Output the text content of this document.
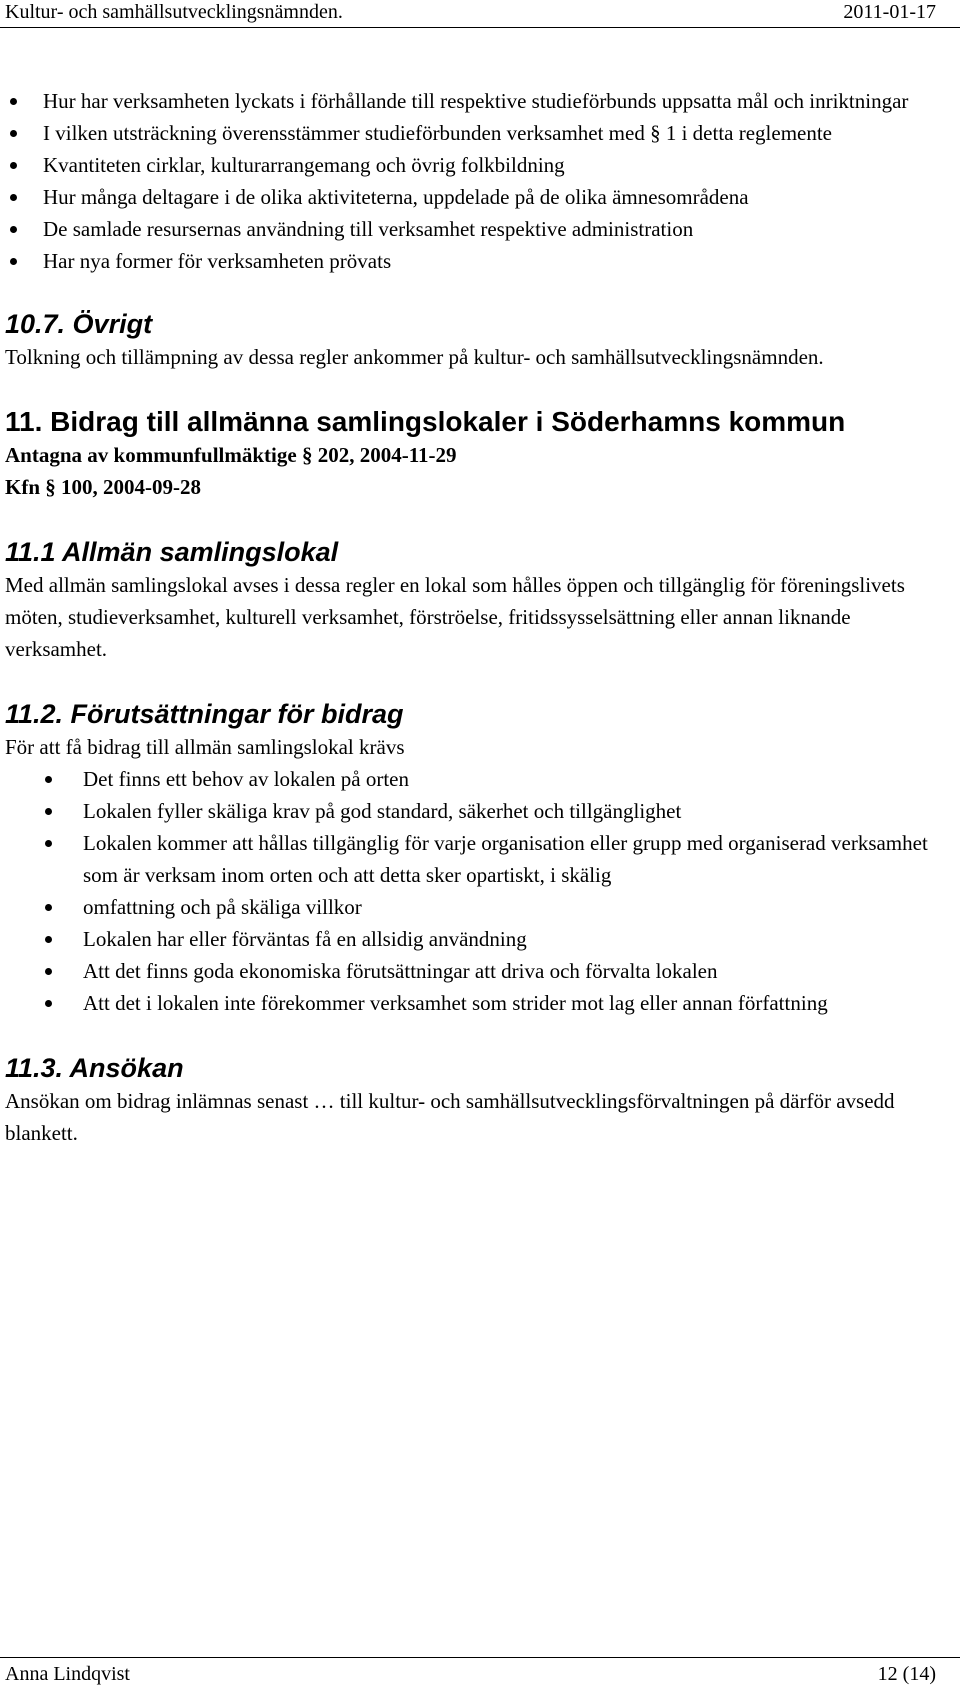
Kultur- och samhällsutvecklingsnämnden.	2011-01-17
Hur har verksamheten lyckats i förhållande till respektive studieförbunds uppsatta mål och inriktningar
I vilken utsträckning överensstämmer studieförbunden verksamhet med § 1 i detta reglemente
Kvantiteten cirklar, kulturarrangemang och övrig folkbildning
Hur många deltagare i de olika aktiviteterna, uppdelade på de olika ämnesområdena
De samlade resursernas användning till verksamhet respektive administration
Har nya former för verksamheten prövats
10.7. Övrigt

Tolkning och tillämpning av dessa regler ankommer på kultur- och samhällsutvecklingsnämnden.

11. Bidrag till allmänna samlingslokaler i Söderhamns kommun

Antagna av kommunfullmäktige § 202, 2004-11-29

Kfn § 100, 2004-09-28

11.1 Allmän samlingslokal

Med allmän samlingslokal avses i dessa regler en lokal som hålles öppen och tillgänglig för föreningslivets möten, studieverksamhet, kulturell verksamhet, förströelse, fritidssysselsättning eller annan liknande verksamhet.

11.2. Förutsättningar för bidrag

För att få bidrag till allmän samlingslokal krävs

Det finns ett behov av lokalen på orten
Lokalen fyller skäliga krav på god standard, säkerhet och tillgänglighet
Lokalen kommer att hållas tillgänglig för varje organisation eller grupp med organiserad verksamhet som är verksam inom orten och att detta sker opartiskt, i skälig
omfattning och på skäliga villkor
Lokalen har eller förväntas få en allsidig användning
Att det finns goda ekonomiska förutsättningar att driva och förvalta lokalen
Att det i lokalen inte förekommer verksamhet som strider mot lag eller annan författning
11.3. Ansökan

Ansökan om bidrag inlämnas senast … till kultur- och samhällsutvecklingsförvaltningen på därför avsedd blankett.

Anna Lindqvist	12 (14)
